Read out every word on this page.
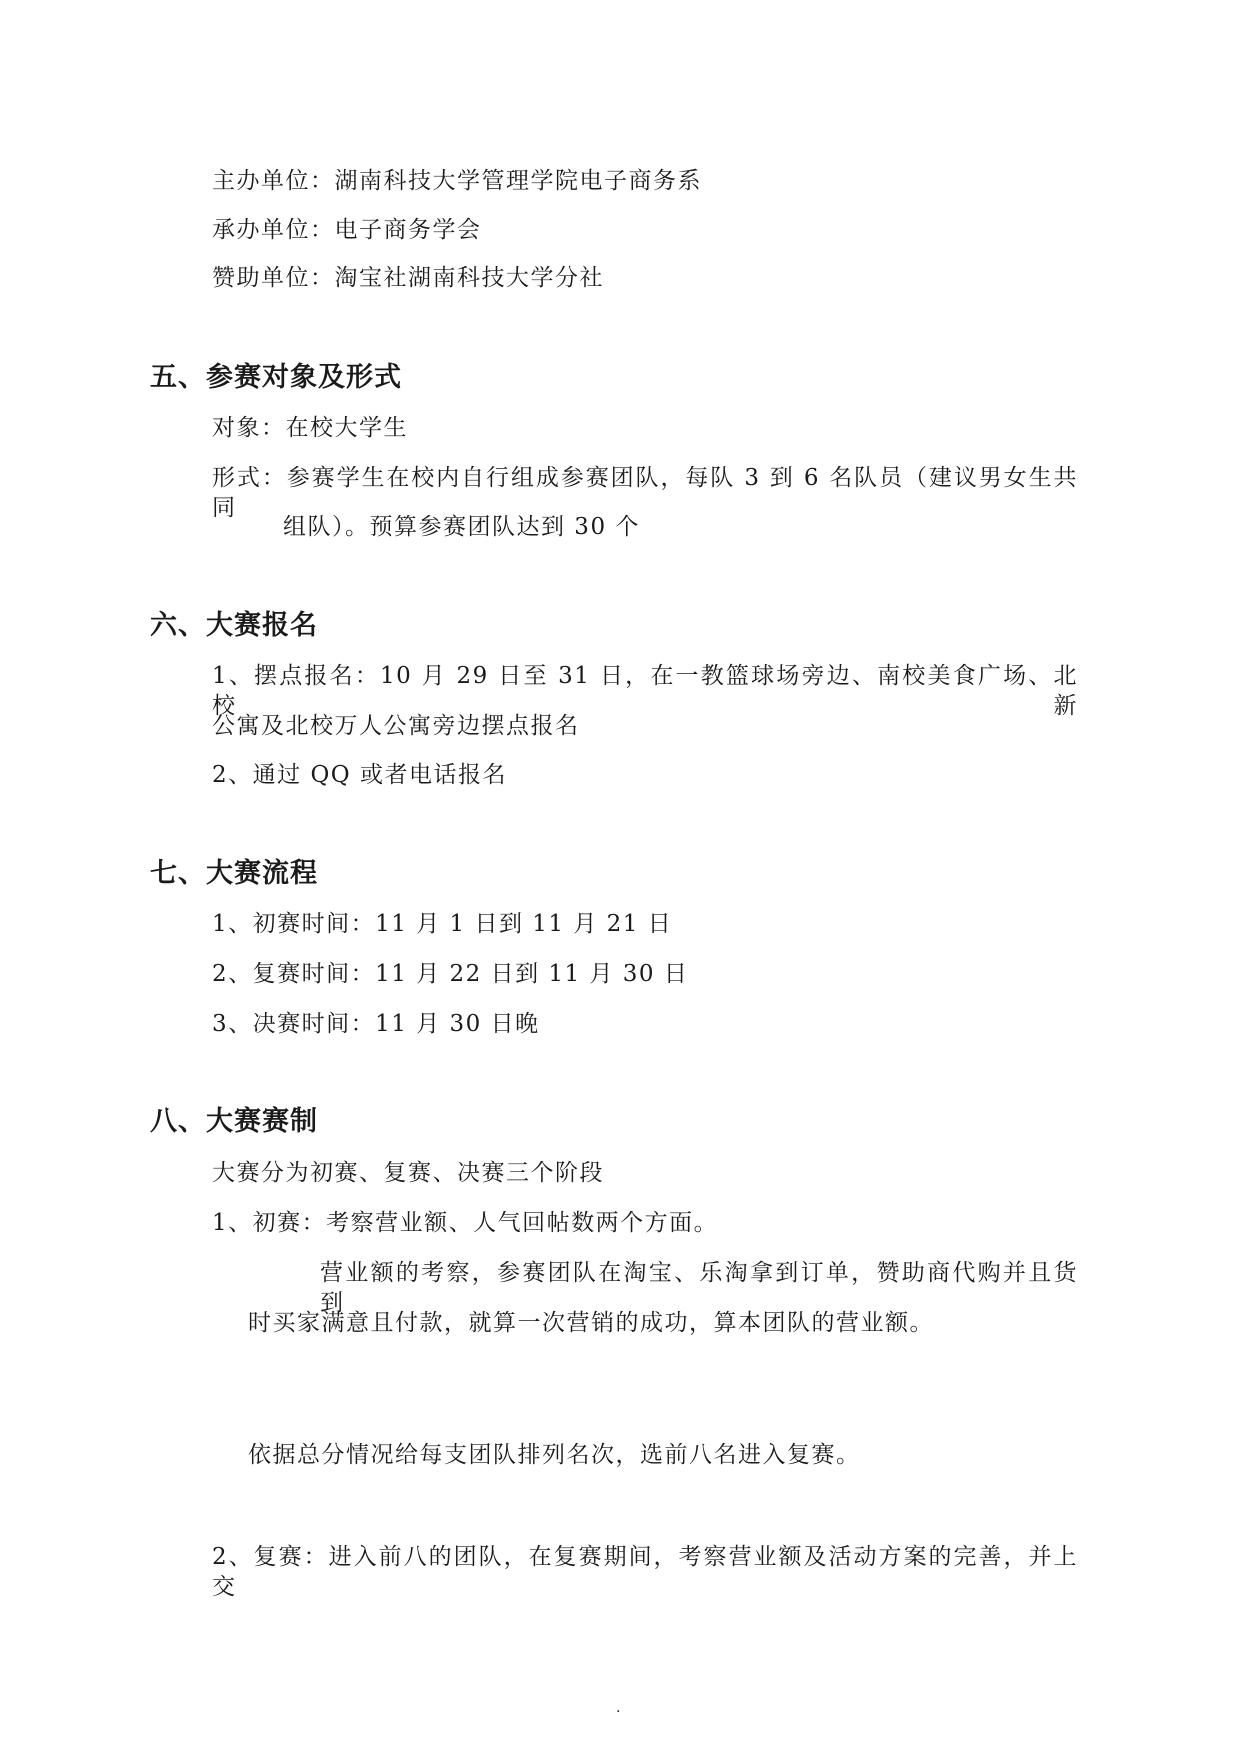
主办单位：湖南科技大学管理学院电子商务系
承办单位：电子商务学会
赞助单位：淘宝社湖南科技大学分社
五、参赛对象及形式
对象：在校大学生
形式：参赛学生在校内自行组成参赛团队，每队 3 到 6 名队员（建议男女生共同
组队）。预算参赛团队达到 30 个
六、大赛报名
1、摆点报名：10 月 29 日至 31 日，在一教篮球场旁边、南校美食广场、北校新
公寓及北校万人公寓旁边摆点报名
2、通过 QQ 或者电话报名
七、大赛流程
1、初赛时间：11 月 1 日到 11 月 21 日
2、复赛时间：11 月 22 日到 11 月 30 日
3、决赛时间：11 月 30 日晚
八、大赛赛制
大赛分为初赛、复赛、决赛三个阶段
1、初赛：考察营业额、人气回帖数两个方面。
营业额的考察，参赛团队在淘宝、乐淘拿到订单，赞助商代购并且货到
时买家满意且付款，就算一次营销的成功，算本团队的营业额。
依据总分情况给每支团队排列名次，选前八名进入复赛。
2、复赛：进入前八的团队，在复赛期间，考察营业额及活动方案的完善，并上交
.
